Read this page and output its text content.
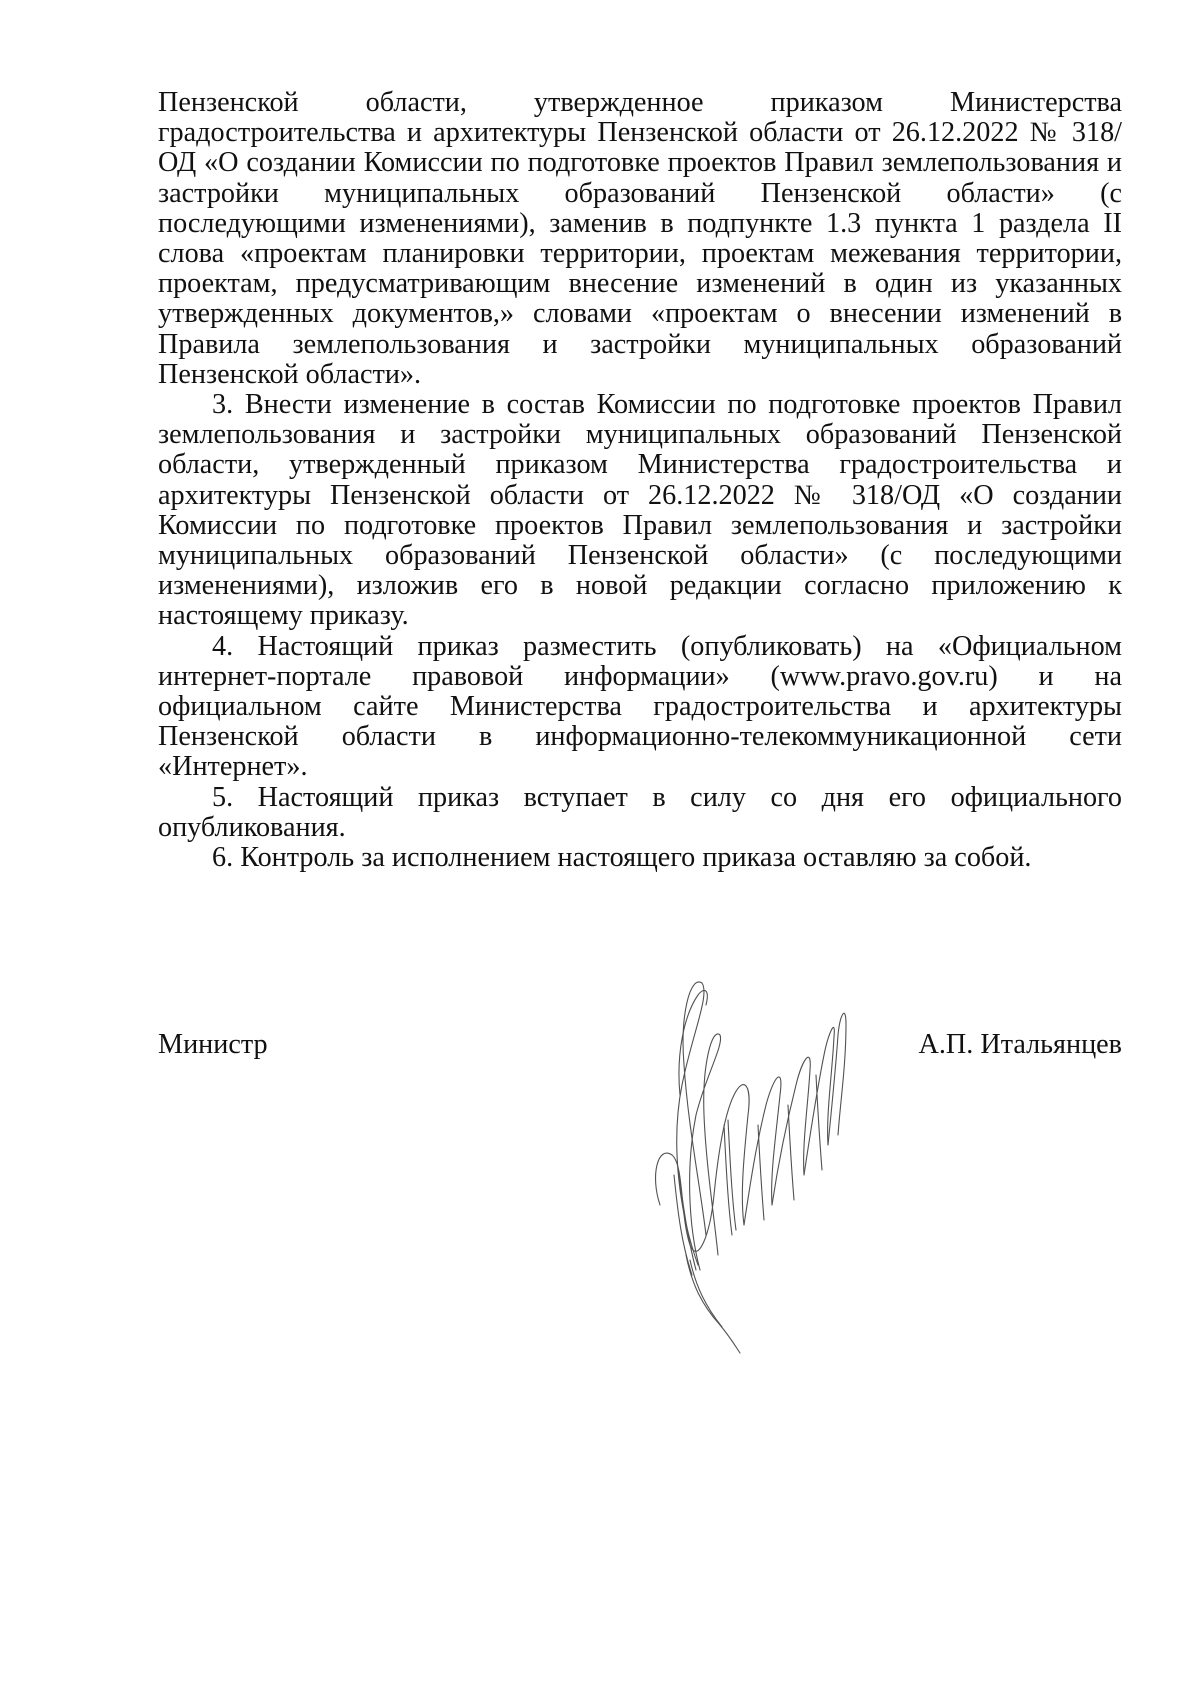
Пензенской области, утвержденное приказом Министерства градостроительства и архитектуры Пензенской области от 26.12.2022 № 318/ОД «О создании Комиссии по подготовке проектов Правил землепользования и застройки муниципальных образований Пензенской области» (с последующими изменениями), заменив в подпункте 1.3 пункта 1 раздела II слова «проектам планировки территории, проектам межевания территории, проектам, предусматривающим внесение изменений в один из указанных утвержденных документов,» словами «проектам о внесении изменений в Правила землепользования и застройки муниципальных образований Пензенской области».

3. Внести изменение в состав Комиссии по подготовке проектов Правил землепользования и застройки муниципальных образований Пензенской области, утвержденный приказом Министерства градостроительства и архитектуры Пензенской области от 26.12.2022 № 318/ОД «О создании Комиссии по подготовке проектов Правил землепользования и застройки муниципальных образований Пензенской области» (с последующими изменениями), изложив его в новой редакции согласно приложению к настоящему приказу.

4. Настоящий приказ разместить (опубликовать) на «Официальном интернет-портале правовой информации» (www.pravo.gov.ru) и на официальном сайте Министерства градостроительства и архитектуры Пензенской области в информационно-телекоммуникационной сети «Интернет».

5. Настоящий приказ вступает в силу со дня его официального опубликования.

6. Контроль за исполнением настоящего приказа оставляю за собой.

Министр	А.П. Итальянцев
